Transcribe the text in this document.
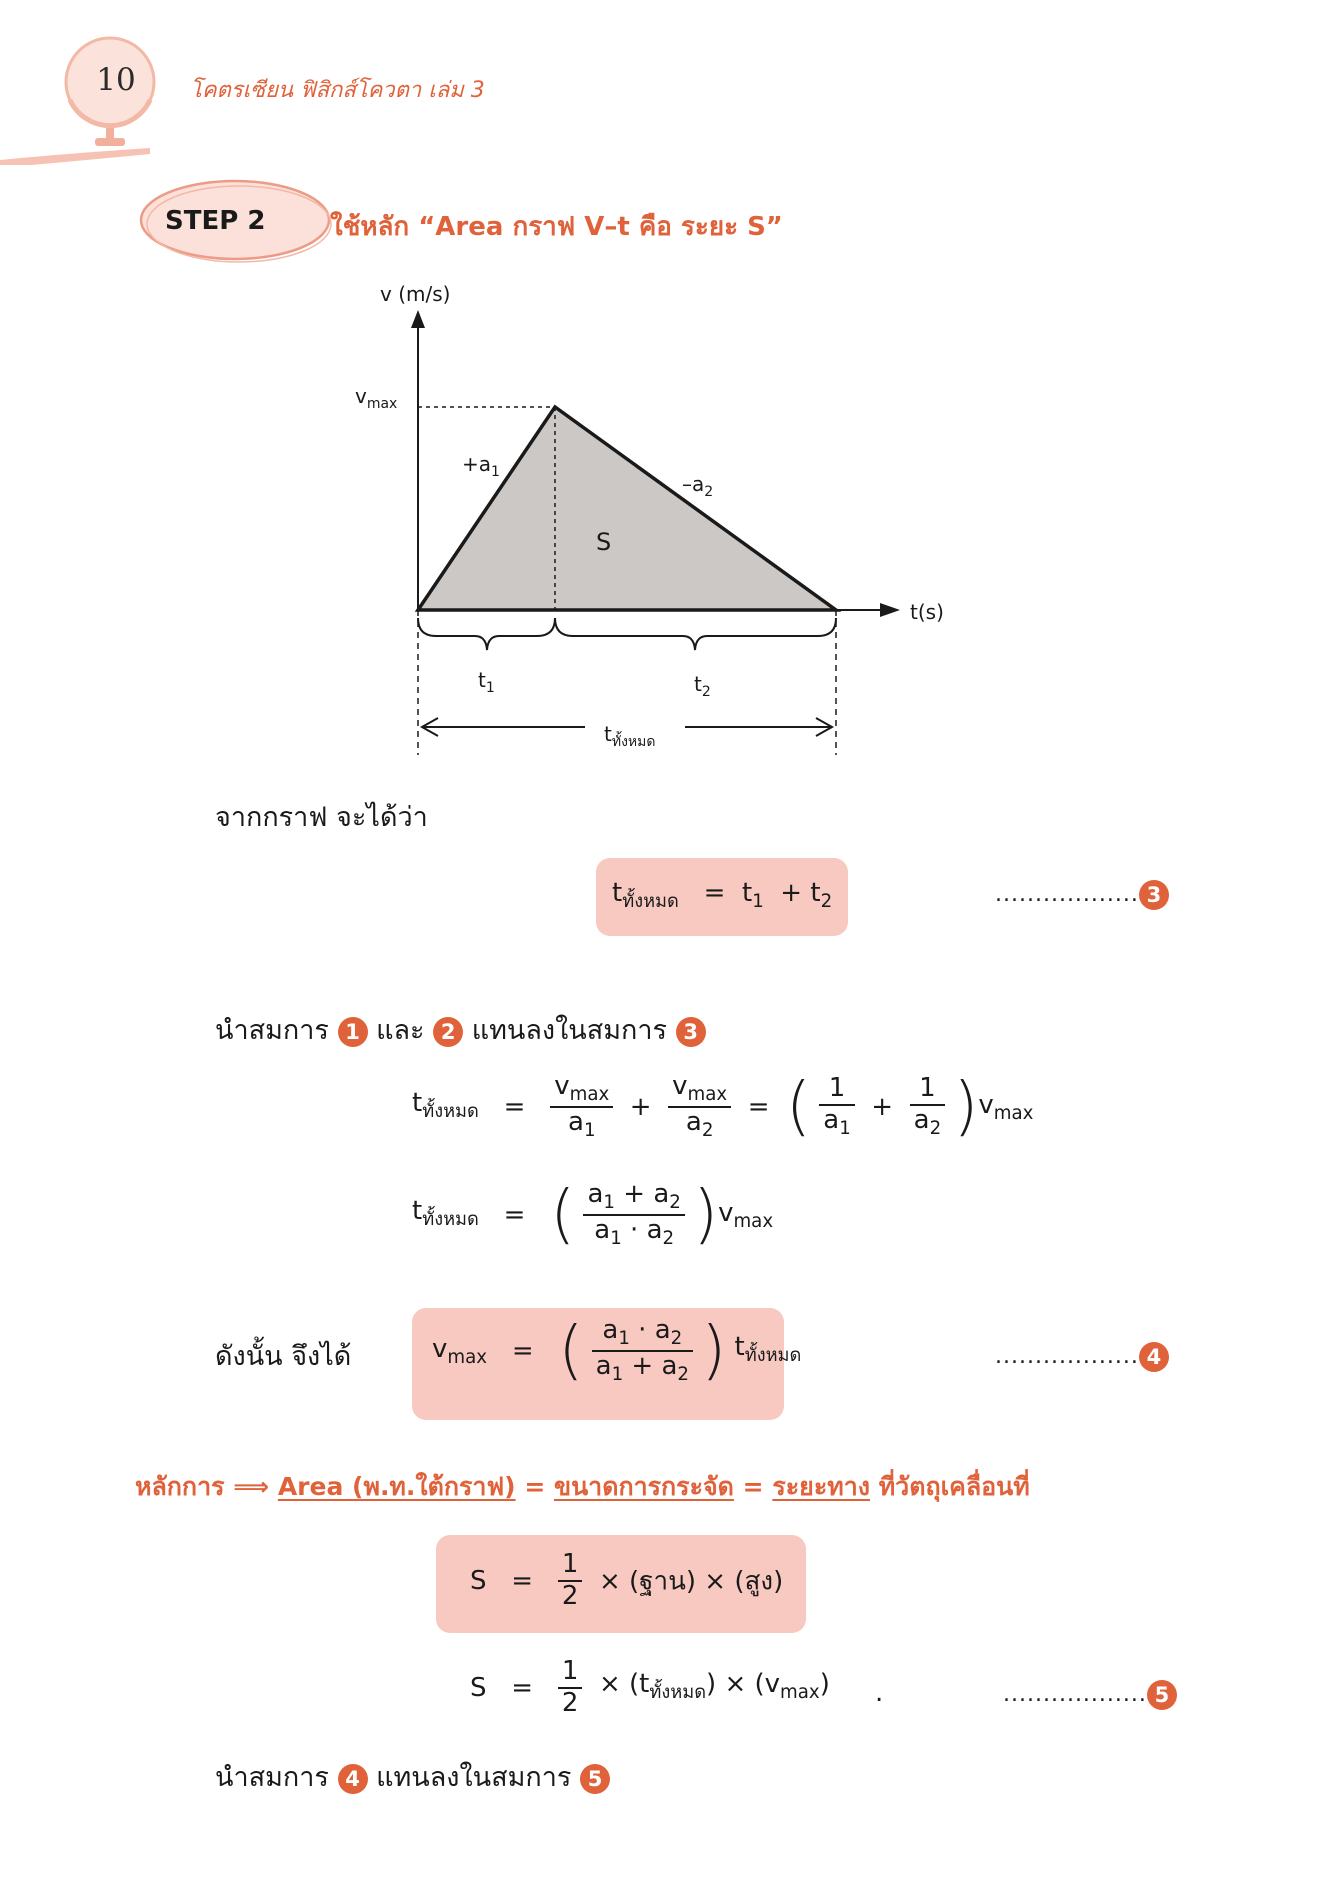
10 โคตรเซียน ฟิสิกส์โควตา เล่ม 3
STEP 2 ใช้หลัก “Area กราฟ V–t คือ ระยะ S”
v (m/s)
t(s)
$v_{max}$
$+a_1$	$-a_2$
S
$t_1$	$t_2$
$t_{ทั้งหมด}$
จากกราฟ จะได้ว่า
$t_{ทั้งหมด} = t_1 + t_2$	.................. 3
นำสมการ 1 และ 2 แทนลงในสมการ 3
$t_{ทั้งหมด} = \frac{v_{max}}{a_1} + \frac{v_{max}}{a_2}$ =  ( $\frac{1}{a_1} + \frac{1}{a_2} )v_{max}$
$t_{ทั้งหมด}$   =   ( $\frac{a_1 + a_2}{a_1 \cdot a_2} )v_{max}$
ดังนั้น จึงได้	$v_{max}$   =   ( $\frac{a_1 \cdot a_2}{a_1 + a_2}$ ) $t_{ทั้งหมด}$	.................. 4
หลักการ ⟹ Area (พ.ท.ใต้กราฟ) = ขนาดการกระจัด = ระยะทาง ที่วัตถุเคลื่อนที่
$S = \frac{1}{2}$ × (ฐาน) × (สูง)
$S = \frac{1}{2} \times (t_{ทั้งหมด}) \times (v_{max})$ .	.................. 5
นำสมการ 4 แทนลงในสมการ 5
